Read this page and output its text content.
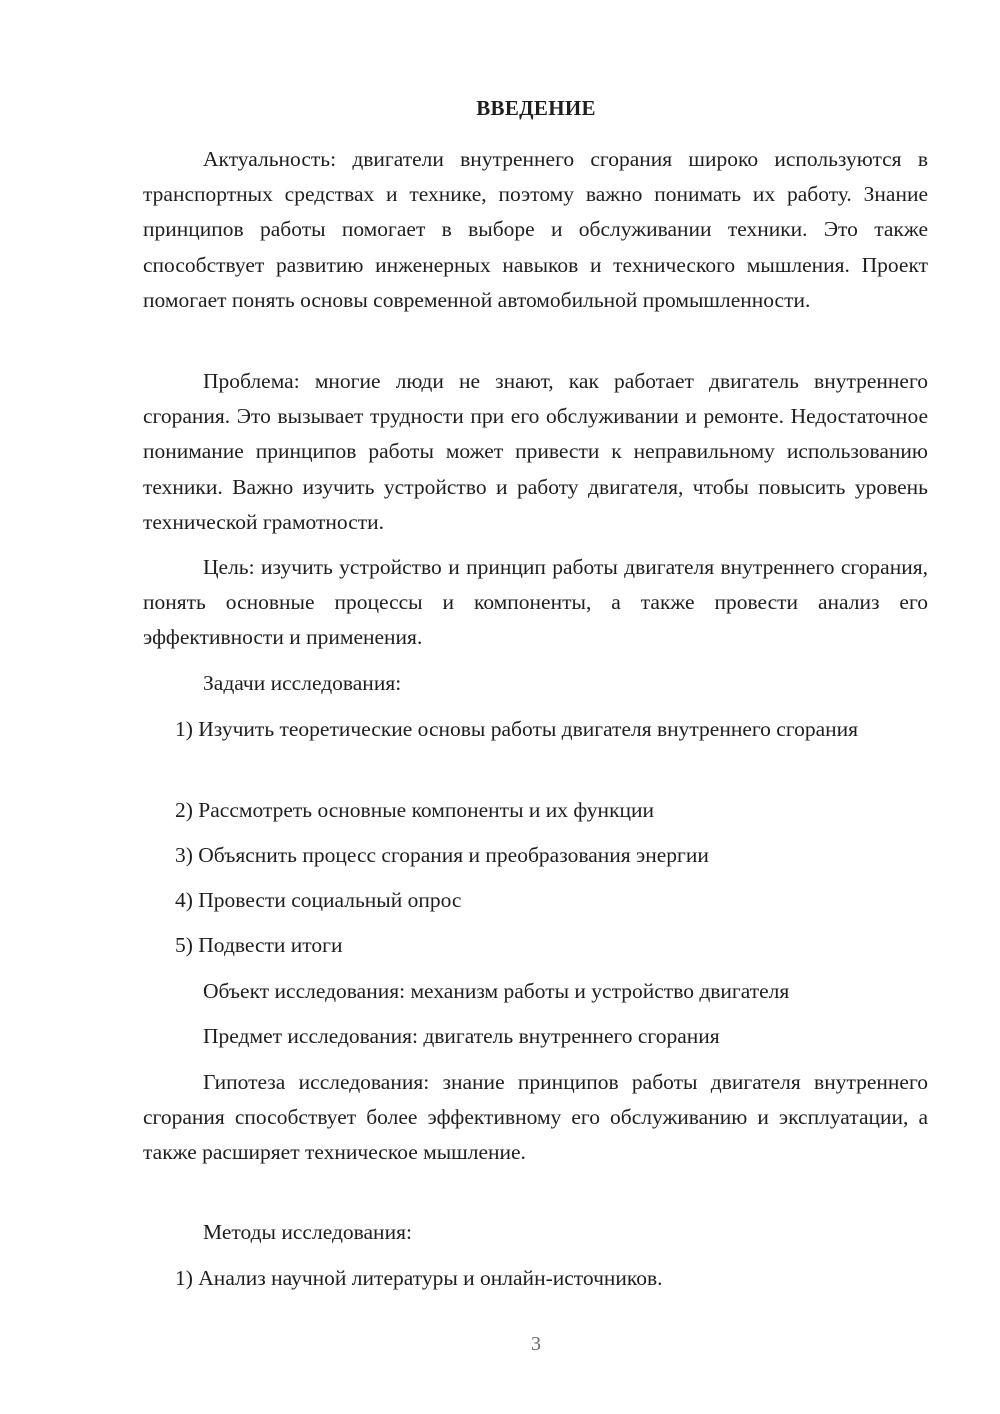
ВВЕДЕНИЕ

Актуальность: двигатели внутреннего сгорания широко используются в транспортных средствах и технике, поэтому важно понимать их работу. Знание принципов работы помогает в выборе и обслуживании техники. Это также способствует развитию инженерных навыков и технического мышления. Проект помогает понять основы современной автомобильной промышленности.

Проблема: многие люди не знают, как работает двигатель внутреннего сгорания. Это вызывает трудности при его обслуживании и ремонте. Недостаточное понимание принципов работы может привести к неправильному использованию техники. Важно изучить устройство и работу двигателя, чтобы повысить уровень технической грамотности.

Цель: изучить устройство и принцип работы двигателя внутреннего сгорания, понять основные процессы и компоненты, а также провести анализ его эффективности и применения.

Задачи исследования:

1) Изучить теоретические основы работы двигателя внутреннего сгорания

2) Рассмотреть основные компоненты и их функции

3) Объяснить процесс сгорания и преобразования энергии

4) Провести социальный опрос

5) Подвести итоги

Объект исследования: механизм работы и устройство двигателя

Предмет исследования: двигатель внутреннего сгорания

Гипотеза исследования: знание принципов работы двигателя внутреннего сгорания способствует более эффективному его обслуживанию и эксплуатации, а также расширяет техническое мышление.

Методы исследования:

1) Анализ научной литературы и онлайн-источников.

3
